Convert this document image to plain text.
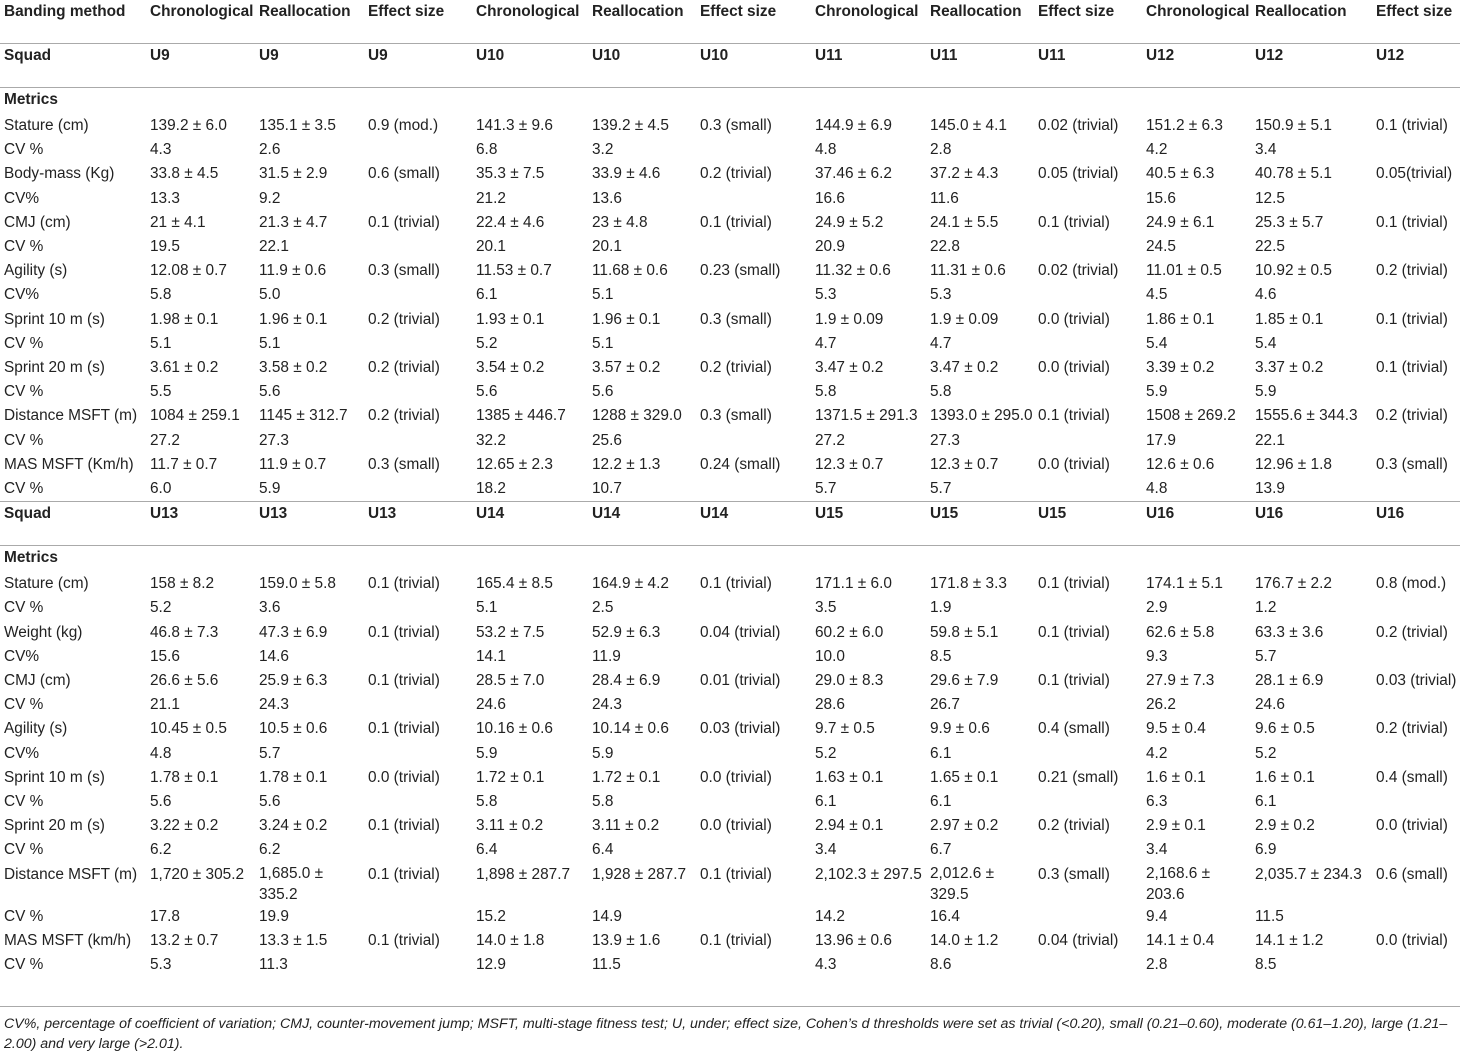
Banding method	Chronological	Reallocation	Effect size	Chronological	Reallocation	Effect size	Chronological	Reallocation	Effect size	Chronological	Reallocation	Effect size
Squad	U9	U9	U9	U10	U10	U10	U11	U11	U11	U12	U12	U12
Metrics												
Stature (cm)	139.2 ± 6.0	135.1 ± 3.5	0.9 (mod.)	141.3 ± 9.6	139.2 ± 4.5	0.3 (small)	144.9 ± 6.9	145.0 ± 4.1	0.02 (trivial)	151.2 ± 6.3	150.9 ± 5.1	0.1 (trivial)
CV %	4.3	2.6		6.8	3.2		4.8	2.8		4.2	3.4	
Body-mass (Kg)	33.8 ± 4.5	31.5 ± 2.9	0.6 (small)	35.3 ± 7.5	33.9 ± 4.6	0.2 (trivial)	37.46 ± 6.2	37.2 ± 4.3	0.05 (trivial)	40.5 ± 6.3	40.78 ± 5.1	0.05(trivial)
CV%	13.3	9.2		21.2	13.6		16.6	11.6		15.6	12.5	
CMJ (cm)	21 ± 4.1	21.3 ± 4.7	0.1 (trivial)	22.4 ± 4.6	23 ± 4.8	0.1 (trivial)	24.9 ± 5.2	24.1 ± 5.5	0.1 (trivial)	24.9 ± 6.1	25.3 ± 5.7	0.1 (trivial)
CV %	19.5	22.1		20.1	20.1		20.9	22.8		24.5	22.5	
Agility (s)	12.08 ± 0.7	11.9 ± 0.6	0.3 (small)	11.53 ± 0.7	11.68 ± 0.6	0.23 (small)	11.32 ± 0.6	11.31 ± 0.6	0.02 (trivial)	11.01 ± 0.5	10.92 ± 0.5	0.2 (trivial)
CV%	5.8	5.0		6.1	5.1		5.3	5.3		4.5	4.6	
Sprint 10 m (s)	1.98 ± 0.1	1.96 ± 0.1	0.2 (trivial)	1.93 ± 0.1	1.96 ± 0.1	0.3 (small)	1.9 ± 0.09	1.9 ± 0.09	0.0 (trivial)	1.86 ± 0.1	1.85 ± 0.1	0.1 (trivial)
CV %	5.1	5.1		5.2	5.1		4.7	4.7		5.4	5.4	
Sprint 20 m (s)	3.61 ± 0.2	3.58 ± 0.2	0.2 (trivial)	3.54 ± 0.2	3.57 ± 0.2	0.2 (trivial)	3.47 ± 0.2	3.47 ± 0.2	0.0 (trivial)	3.39 ± 0.2	3.37 ± 0.2	0.1 (trivial)
CV %	5.5	5.6		5.6	5.6		5.8	5.8		5.9	5.9	
Distance MSFT (m)	1084 ± 259.1	1145 ± 312.7	0.2 (trivial)	1385 ± 446.7	1288 ± 329.0	0.3 (small)	1371.5 ± 291.3	1393.0 ± 295.0	0.1 (trivial)	1508 ± 269.2	1555.6 ± 344.3	0.2 (trivial)
CV %	27.2	27.3		32.2	25.6		27.2	27.3		17.9	22.1	
MAS MSFT (Km/h)	11.7 ± 0.7	11.9 ± 0.7	0.3 (small)	12.65 ± 2.3	12.2 ± 1.3	0.24 (small)	12.3 ± 0.7	12.3 ± 0.7	0.0 (trivial)	12.6 ± 0.6	12.96 ± 1.8	0.3 (small)
CV %	6.0	5.9		18.2	10.7		5.7	5.7		4.8	13.9	
Squad	U13	U13	U13	U14	U14	U14	U15	U15	U15	U16	U16	U16
Metrics												
Stature (cm)	158 ± 8.2	159.0 ± 5.8	0.1 (trivial)	165.4 ± 8.5	164.9 ± 4.2	0.1 (trivial)	171.1 ± 6.0	171.8 ± 3.3	0.1 (trivial)	174.1 ± 5.1	176.7 ± 2.2	0.8 (mod.)
CV %	5.2	3.6		5.1	2.5		3.5	1.9		2.9	1.2	
Weight (kg)	46.8 ± 7.3	47.3 ± 6.9	0.1 (trivial)	53.2 ± 7.5	52.9 ± 6.3	0.04 (trivial)	60.2 ± 6.0	59.8 ± 5.1	0.1 (trivial)	62.6 ± 5.8	63.3 ± 3.6	0.2 (trivial)
CV%	15.6	14.6		14.1	11.9		10.0	8.5		9.3	5.7	
CMJ (cm)	26.6 ± 5.6	25.9 ± 6.3	0.1 (trivial)	28.5 ± 7.0	28.4 ± 6.9	0.01 (trivial)	29.0 ± 8.3	29.6 ± 7.9	0.1 (trivial)	27.9 ± 7.3	28.1 ± 6.9	0.03 (trivial)
CV %	21.1	24.3		24.6	24.3		28.6	26.7		26.2	24.6	
Agility (s)	10.45 ± 0.5	10.5 ± 0.6	0.1 (trivial)	10.16 ± 0.6	10.14 ± 0.6	0.03 (trivial)	9.7 ± 0.5	9.9 ± 0.6	0.4 (small)	9.5 ± 0.4	9.6 ± 0.5	0.2 (trivial)
CV%	4.8	5.7		5.9	5.9		5.2	6.1		4.2	5.2	
Sprint 10 m (s)	1.78 ± 0.1	1.78 ± 0.1	0.0 (trivial)	1.72 ± 0.1	1.72 ± 0.1	0.0 (trivial)	1.63 ± 0.1	1.65 ± 0.1	0.21 (small)	1.6 ± 0.1	1.6 ± 0.1	0.4 (small)
CV %	5.6	5.6		5.8	5.8		6.1	6.1		6.3	6.1	
Sprint 20 m (s)	3.22 ± 0.2	3.24 ± 0.2	0.1 (trivial)	3.11 ± 0.2	3.11 ± 0.2	0.0 (trivial)	2.94 ± 0.1	2.97 ± 0.2	0.2 (trivial)	2.9 ± 0.1	2.9 ± 0.2	0.0 (trivial)
CV %	6.2	6.2		6.4	6.4		3.4	6.7		3.4	6.9	
Distance MSFT (m)	1,720 ± 305.2	1,685.0 ± 335.2	0.1 (trivial)	1,898 ± 287.7	1,928 ± 287.7	0.1 (trivial)	2,102.3 ± 297.5	2,012.6 ± 329.5	0.3 (small)	2,168.6 ± 203.6	2,035.7 ± 234.3	0.6 (small)
CV %	17.8	19.9		15.2	14.9		14.2	16.4		9.4	11.5	
MAS MSFT (km/h)	13.2 ± 0.7	13.3 ± 1.5	0.1 (trivial)	14.0 ± 1.8	13.9 ± 1.6	0.1 (trivial)	13.96 ± 0.6	14.0 ± 1.2	0.04 (trivial)	14.1 ± 0.4	14.1 ± 1.2	0.0 (trivial)
CV %	5.3	11.3		12.9	11.5		4.3	8.6		2.8	8.5	
CV%, percentage of coefficient of variation; CMJ, counter-movement jump; MSFT, multi-stage fitness test; U, under; effect size, Cohen’s d thresholds were set as trivial (<0.20), small (0.21–0.60), moderate (0.61–1.20), large (1.21–2.00) and very large (>2.01).
